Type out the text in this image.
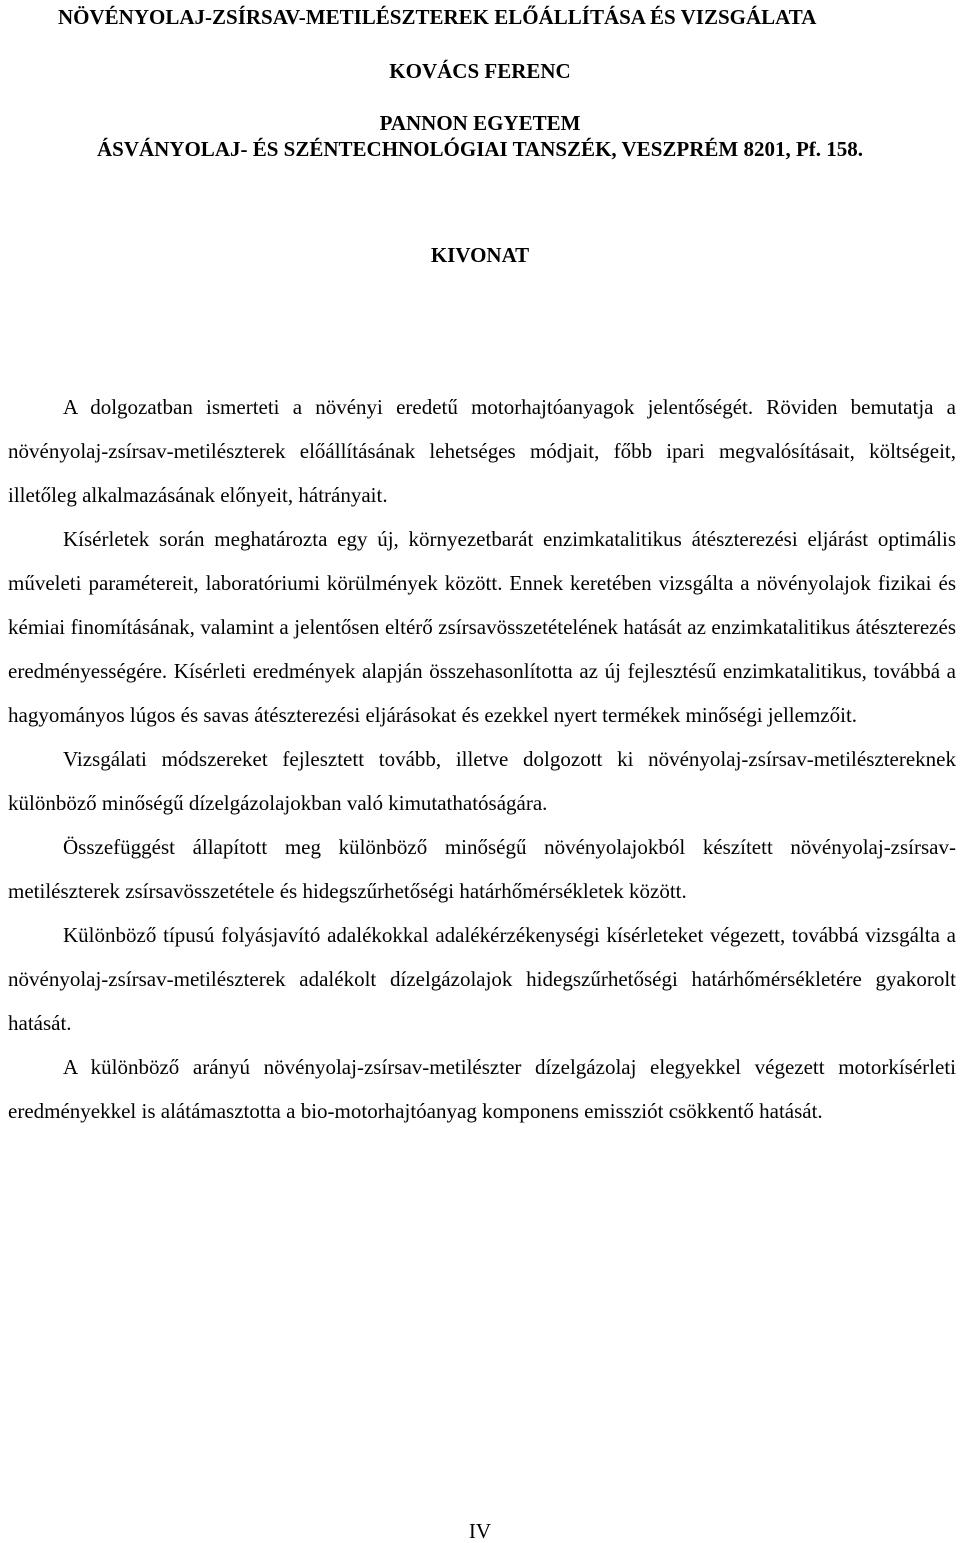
NÖVÉNYOLAJ-ZSÍRSAV-METILÉSZTEREK ELŐÁLLÍTÁSA ÉS VIZSGÁLATA
KOVÁCS FERENC
PANNON EGYETEM
ÁSVÁNYOLAJ- ÉS SZÉNTECHNOLÓGIAI TANSZÉK, VESZPRÉM 8201, Pf. 158.
KIVONAT

A dolgozatban ismerteti a növényi eredetű motorhajtóanyagok jelentőségét. Röviden bemutatja a növényolaj-zsírsav-metilészterek előállításának lehetséges módjait, főbb ipari megvalósításait, költségeit, illetőleg alkalmazásának előnyeit, hátrányait.

Kísérletek során meghatározta egy új, környezetbarát enzimkatalitikus átészterezési eljárást optimális műveleti paramétereit, laboratóriumi körülmények között. Ennek keretében vizsgálta a növényolajok fizikai és kémiai finomításának, valamint a jelentősen eltérő zsírsavösszetételének hatását az enzimkatalitikus átészterezés eredményességére. Kísérleti eredmények alapján összehasonlította az új fejlesztésű enzimkatalitikus, továbbá a hagyományos lúgos és savas átészterezési eljárásokat és ezekkel nyert termékek minőségi jellemzőit.

Vizsgálati módszereket fejlesztett tovább, illetve dolgozott ki növényolaj-zsírsav-metilésztereknek különböző minőségű dízelgázolajokban való kimutathatóságára.

Összefüggést állapított meg különböző minőségű növényolajokból készített növényolaj-zsírsav-metilészterek zsírsavösszetétele és hidegszűrhetőségi határhőmérsékletek között.

Különböző típusú folyásjavító adalékokkal adalékérzékenységi kísérleteket végezett, továbbá vizsgálta a növényolaj-zsírsav-metilészterek adalékolt dízelgázolajok hidegszűrhetőségi határhőmérsékletére gyakorolt hatását.

A különböző arányú növényolaj-zsírsav-metilészter dízelgázolaj elegyekkel végezett motorkísérleti eredményekkel is alátámasztotta a bio-motorhajtóanyag komponens emissziót csökkentő hatását.

IV
